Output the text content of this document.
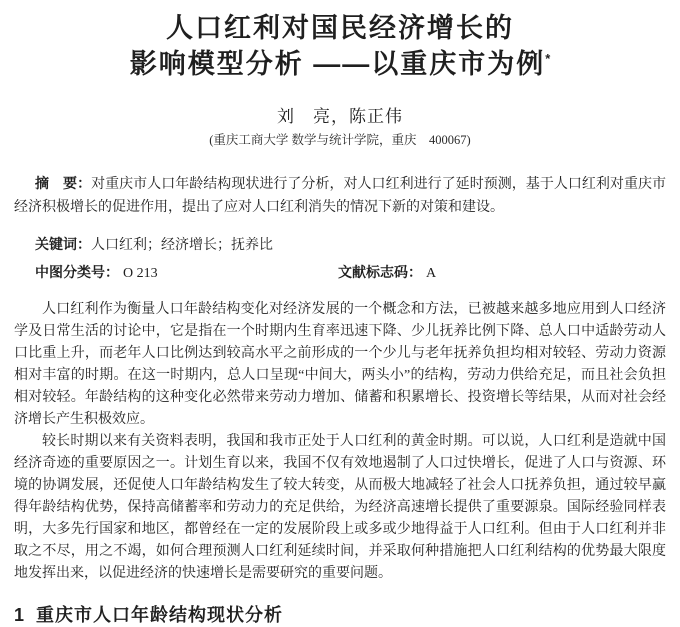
人口红利对国民经济增长的
影响模型分析 ——以重庆市为例*
刘　亮，陈正伟
(重庆工商大学 数学与统计学院，重庆　400067)

摘　要：对重庆市人口年龄结构现状进行了分析，对人口红利进行了延时预测，基于人口红利对重庆市经济积极增长的促进作用，提出了应对人口红利消失的情况下新的对策和建设。

关键词：人口红利；经济增长；抚养比
中图分类号： O 213	文献标志码： A

人口红利作为衡量人口年龄结构变化对经济发展的一个概念和方法，已被越来越多地应用到人口经济学及日常生活的讨论中，它是指在一个时期内生育率迅速下降、少儿抚养比例下降、总人口中适龄劳动人口比重上升，而老年人口比例达到较高水平之前形成的一个少儿与老年抚养负担均相对较轻、劳动力资源相对丰富的时期。在这一时期内，总人口呈现“中间大，两头小”的结构，劳动力供给充足，而且社会负担相对较轻。年龄结构的这种变化必然带来劳动力增加、储蓄和积累增长、投资增长等结果，从而对社会经济增长产生积极效应。

较长时期以来有关资料表明，我国和我市正处于人口红利的黄金时期。可以说，人口红利是造就中国经济奇迹的重要原因之一。计划生育以来，我国不仅有效地遏制了人口过快增长，促进了人口与资源、环境的协调发展，还促使人口年龄结构发生了较大转变，从而极大地减轻了社会人口抚养负担，通过较早赢得年龄结构优势，保持高储蓄率和劳动力的充足供给，为经济高速增长提供了重要源泉。国际经验同样表明，大多先行国家和地区，都曾经在一定的发展阶段上或多或少地得益于人口红利。但由于人口红利并非取之不尽，用之不竭，如何合理预测人口红利延续时间，并采取何种措施把人口红利结构的优势最大限度地发挥出来，以促进经济的快速增长是需要研究的重要问题。

1 重庆市人口年龄结构现状分析
